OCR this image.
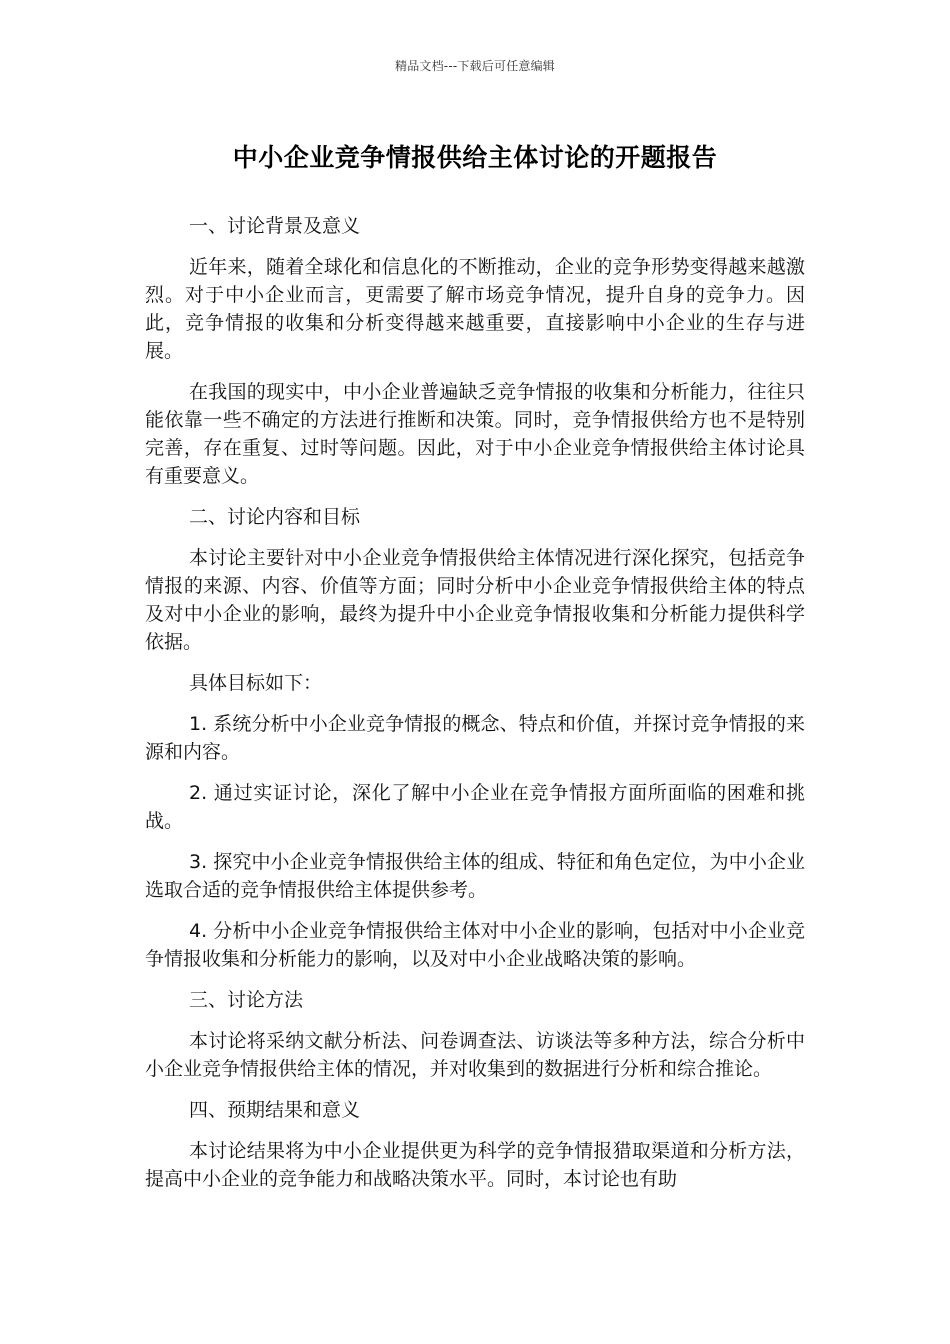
精品文档---下载后可任意编辑
中小企业竞争情报供给主体讨论的开题报告

一、讨论背景及意义

近年来，随着全球化和信息化的不断推动，企业的竞争形势变得越来越激烈。对于中小企业而言，更需要了解市场竞争情况，提升自身的竞争力。因此，竞争情报的收集和分析变得越来越重要，直接影响中小企业的生存与进展。

在我国的现实中，中小企业普遍缺乏竞争情报的收集和分析能力，往往只能依靠一些不确定的方法进行推断和决策。同时，竞争情报供给方也不是特别完善，存在重复、过时等问题。因此，对于中小企业竞争情报供给主体讨论具有重要意义。

二、讨论内容和目标

本讨论主要针对中小企业竞争情报供给主体情况进行深化探究，包括竞争情报的来源、内容、价值等方面；同时分析中小企业竞争情报供给主体的特点及对中小企业的影响，最终为提升中小企业竞争情报收集和分析能力提供科学依据。

具体目标如下：

1. 系统分析中小企业竞争情报的概念、特点和价值，并探讨竞争情报的来源和内容。

2. 通过实证讨论，深化了解中小企业在竞争情报方面所面临的困难和挑战。

3. 探究中小企业竞争情报供给主体的组成、特征和角色定位，为中小企业选取合适的竞争情报供给主体提供参考。

4. 分析中小企业竞争情报供给主体对中小企业的影响，包括对中小企业竞争情报收集和分析能力的影响，以及对中小企业战略决策的影响。

三、讨论方法

本讨论将采纳文献分析法、问卷调查法、访谈法等多种方法，综合分析中小企业竞争情报供给主体的情况，并对收集到的数据进行分析和综合推论。

四、预期结果和意义

本讨论结果将为中小企业提供更为科学的竞争情报猎取渠道和分析方法，提高中小企业的竞争能力和战略决策水平。同时，本讨论也有助
